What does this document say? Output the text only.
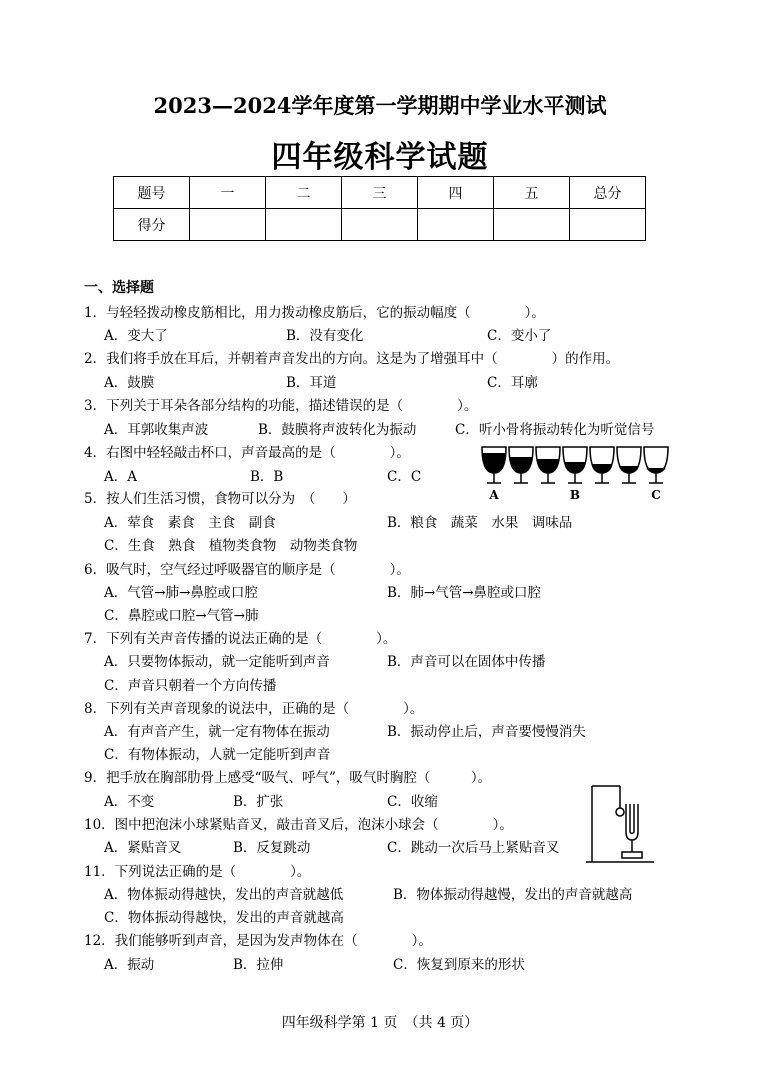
2023—2024学年度第一学期期中学业水平测试
四年级科学试题
题号	一	二	三	四	五	总分
得分						
一、选择题
1．与轻轻拨动橡皮筋相比，用力拨动橡皮筋后，它的振动幅度（　　　　）。
A．变大了	B．没有变化	C．变小了
2．我们将手放在耳后，并朝着声音发出的方向。这是为了增强耳中（　　　　）的作用。
A．鼓膜	B．耳道	C．耳廓
3．下列关于耳朵各部分结构的功能，描述错误的是（　　　　）。
A．耳郭收集声波	B．鼓膜将声波转化为振动	C．听小骨将振动转化为听觉信号
4．右图中轻轻敲击杯口，声音最高的是（　　　　）。
A．A	B．B	C．C
A	B	C
5．按人们生活习惯，食物可以分为　（　　）
A．荤食　素食　主食　副食	B．粮食　蔬菜　水果　调味品
C．生食　熟食　植物类食物　动物类食物
6．吸气时，空气经过呼吸器官的顺序是（　　　　）。
A．气管→肺→鼻腔或口腔	B．肺→气管→鼻腔或口腔
C．鼻腔或口腔→气管→肺
7．下列有关声音传播的说法正确的是（　　　　）。
A．只要物体振动，就一定能听到声音	B．声音可以在固体中传播
C．声音只朝着一个方向传播
8．下列有关声音现象的说法中，正确的是（　　　　）。
A．有声音产生，就一定有物体在振动	B．振动停止后，声音要慢慢消失
C．有物体振动，人就一定能听到声音
9．把手放在胸部肋骨上感受“吸气、呼气”，吸气时胸腔（　　　）。
A．不变	B．扩张	C．收缩
10．图中把泡沫小球紧贴音叉，敲击音叉后，泡沫小球会（　　　　）。
A．紧贴音叉	B．反复跳动	C．跳动一次后马上紧贴音叉
11．下列说法正确的是（　　　　）。
A．物体振动得越快，发出的声音就越低	B．物体振动得越慢，发出的声音就越高
C．物体振动得越快，发出的声音就越高
12．我们能够听到声音，是因为发声物体在（　　　　）。
A．振动	B．拉伸	C．恢复到原来的形状
四年级科学第 1 页　（共 4 页）
